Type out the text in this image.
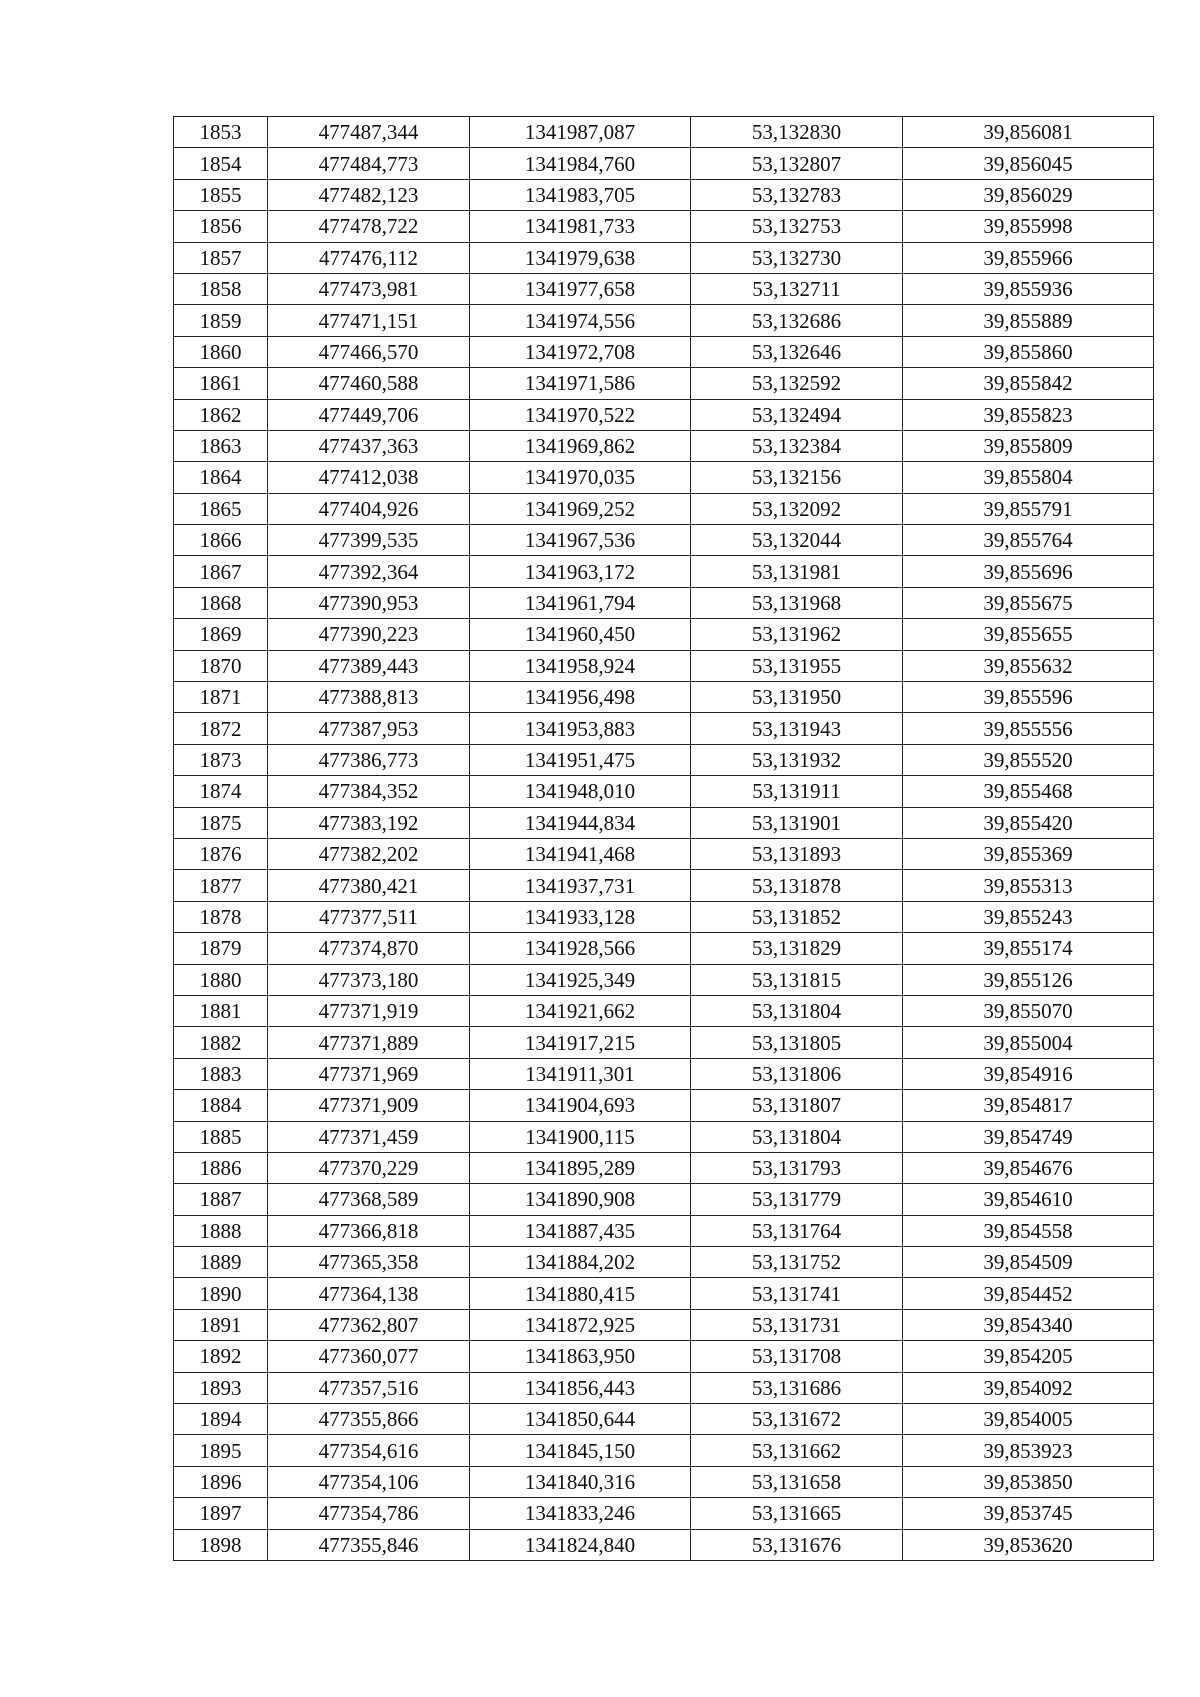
1853	477487,344	1341987,087	53,132830	39,856081
1854	477484,773	1341984,760	53,132807	39,856045
1855	477482,123	1341983,705	53,132783	39,856029
1856	477478,722	1341981,733	53,132753	39,855998
1857	477476,112	1341979,638	53,132730	39,855966
1858	477473,981	1341977,658	53,132711	39,855936
1859	477471,151	1341974,556	53,132686	39,855889
1860	477466,570	1341972,708	53,132646	39,855860
1861	477460,588	1341971,586	53,132592	39,855842
1862	477449,706	1341970,522	53,132494	39,855823
1863	477437,363	1341969,862	53,132384	39,855809
1864	477412,038	1341970,035	53,132156	39,855804
1865	477404,926	1341969,252	53,132092	39,855791
1866	477399,535	1341967,536	53,132044	39,855764
1867	477392,364	1341963,172	53,131981	39,855696
1868	477390,953	1341961,794	53,131968	39,855675
1869	477390,223	1341960,450	53,131962	39,855655
1870	477389,443	1341958,924	53,131955	39,855632
1871	477388,813	1341956,498	53,131950	39,855596
1872	477387,953	1341953,883	53,131943	39,855556
1873	477386,773	1341951,475	53,131932	39,855520
1874	477384,352	1341948,010	53,131911	39,855468
1875	477383,192	1341944,834	53,131901	39,855420
1876	477382,202	1341941,468	53,131893	39,855369
1877	477380,421	1341937,731	53,131878	39,855313
1878	477377,511	1341933,128	53,131852	39,855243
1879	477374,870	1341928,566	53,131829	39,855174
1880	477373,180	1341925,349	53,131815	39,855126
1881	477371,919	1341921,662	53,131804	39,855070
1882	477371,889	1341917,215	53,131805	39,855004
1883	477371,969	1341911,301	53,131806	39,854916
1884	477371,909	1341904,693	53,131807	39,854817
1885	477371,459	1341900,115	53,131804	39,854749
1886	477370,229	1341895,289	53,131793	39,854676
1887	477368,589	1341890,908	53,131779	39,854610
1888	477366,818	1341887,435	53,131764	39,854558
1889	477365,358	1341884,202	53,131752	39,854509
1890	477364,138	1341880,415	53,131741	39,854452
1891	477362,807	1341872,925	53,131731	39,854340
1892	477360,077	1341863,950	53,131708	39,854205
1893	477357,516	1341856,443	53,131686	39,854092
1894	477355,866	1341850,644	53,131672	39,854005
1895	477354,616	1341845,150	53,131662	39,853923
1896	477354,106	1341840,316	53,131658	39,853850
1897	477354,786	1341833,246	53,131665	39,853745
1898	477355,846	1341824,840	53,131676	39,853620
